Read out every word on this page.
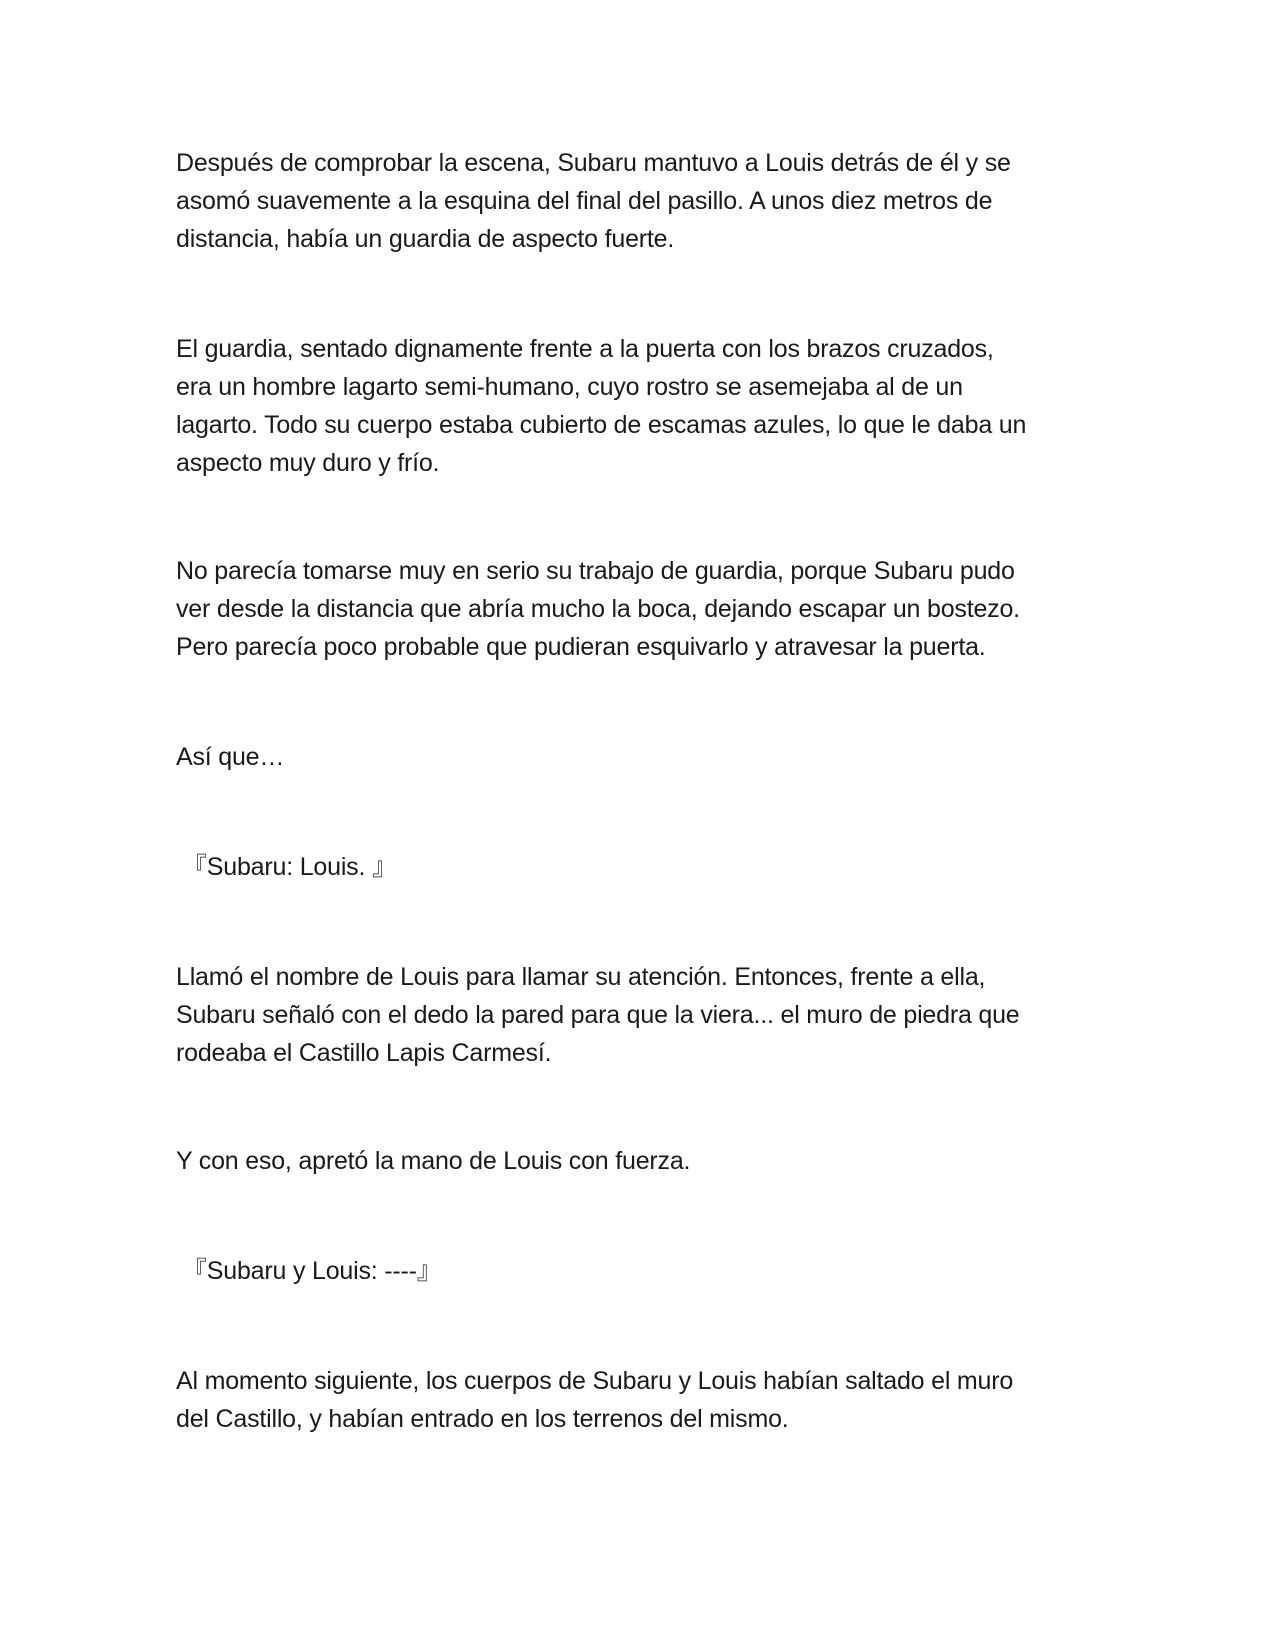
Después de comprobar la escena, Subaru mantuvo a Louis detrás de él y se

asomó suavemente a la esquina del final del pasillo. A unos diez metros de

distancia, había un guardia de aspecto fuerte.

El guardia, sentado dignamente frente a la puerta con los brazos cruzados,

era un hombre lagarto semi-humano, cuyo rostro se asemejaba al de un

lagarto. Todo su cuerpo estaba cubierto de escamas azules, lo que le daba un

aspecto muy duro y frío.

No parecía tomarse muy en serio su trabajo de guardia, porque Subaru pudo

ver desde la distancia que abría mucho la boca, dejando escapar un bostezo.

Pero parecía poco probable que pudieran esquivarlo y atravesar la puerta.

Así que…

『Subaru: Louis. 』

Llamó el nombre de Louis para llamar su atención. Entonces, frente a ella,

Subaru señaló con el dedo la pared para que la viera... el muro de piedra que

rodeaba el Castillo Lapis Carmesí.

Y con eso, apretó la mano de Louis con fuerza.

『Subaru y Louis: ----』

Al momento siguiente, los cuerpos de Subaru y Louis habían saltado el muro

del Castillo, y habían entrado en los terrenos del mismo.
